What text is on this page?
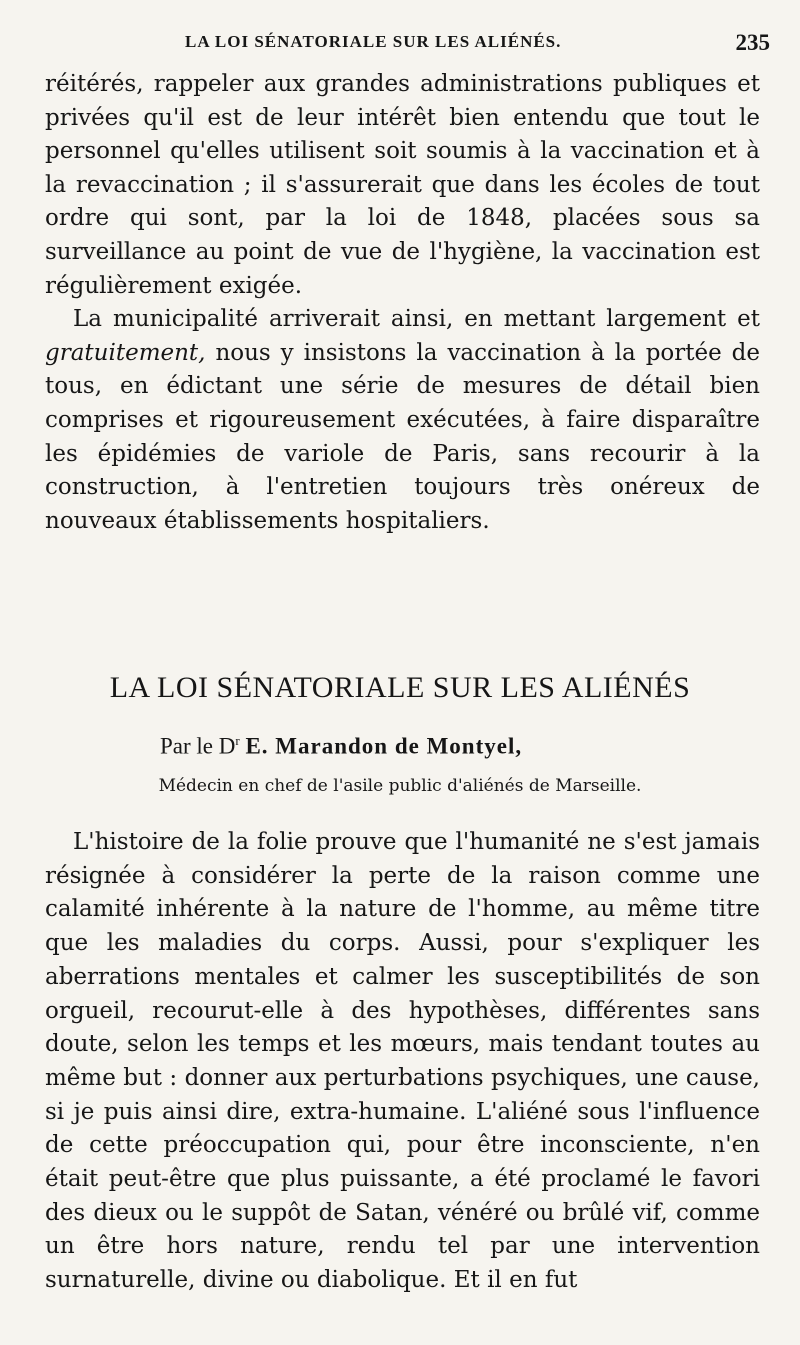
LA LOI SÉNATORIALE SUR LES ALIÉNÉS.	235

réitérés, rappeler aux grandes administrations publiques et privées qu'il est de leur intérêt bien entendu que tout le personnel qu'elles utilisent soit soumis à la vaccination et à la revaccination ; il s'assurerait que dans les écoles de tout ordre qui sont, par la loi de 1848, placées sous sa surveillance au point de vue de l'hygiène, la vaccination est régulièrement exigée.

La municipalité arriverait ainsi, en mettant largement et gratuitement, nous y insistons la vaccination à la portée de tous, en édictant une série de mesures de détail bien comprises et rigoureusement exécutées, à faire disparaître les épidémies de variole de Paris, sans recourir à la construction, à l'entretien toujours très onéreux de nouveaux établissements hospitaliers.

LA LOI SÉNATORIALE SUR LES ALIÉNÉS
Par le $D^r$ E. Marandon de Montyel,
Médecin en chef de l'asile public d'aliénés de Marseille.

L'histoire de la folie prouve que l'humanité ne s'est jamais résignée à considérer la perte de la raison comme une calamité inhérente à la nature de l'homme, au même titre que les maladies du corps. Aussi, pour s'expliquer les aberrations mentales et calmer les susceptibilités de son orgueil, recourut-elle à des hypothèses, différentes sans doute, selon les temps et les mœurs, mais tendant toutes au même but : donner aux perturbations psychiques, une cause, si je puis ainsi dire, extra-humaine. L'aliéné sous l'influence de cette préoccupation qui, pour être inconsciente, n'en était peut-être que plus puissante, a été proclamé le favori des dieux ou le suppôt de Satan, vénéré ou brûlé vif, comme un être hors nature, rendu tel par une intervention surnaturelle, divine ou diabolique. Et il en fut
